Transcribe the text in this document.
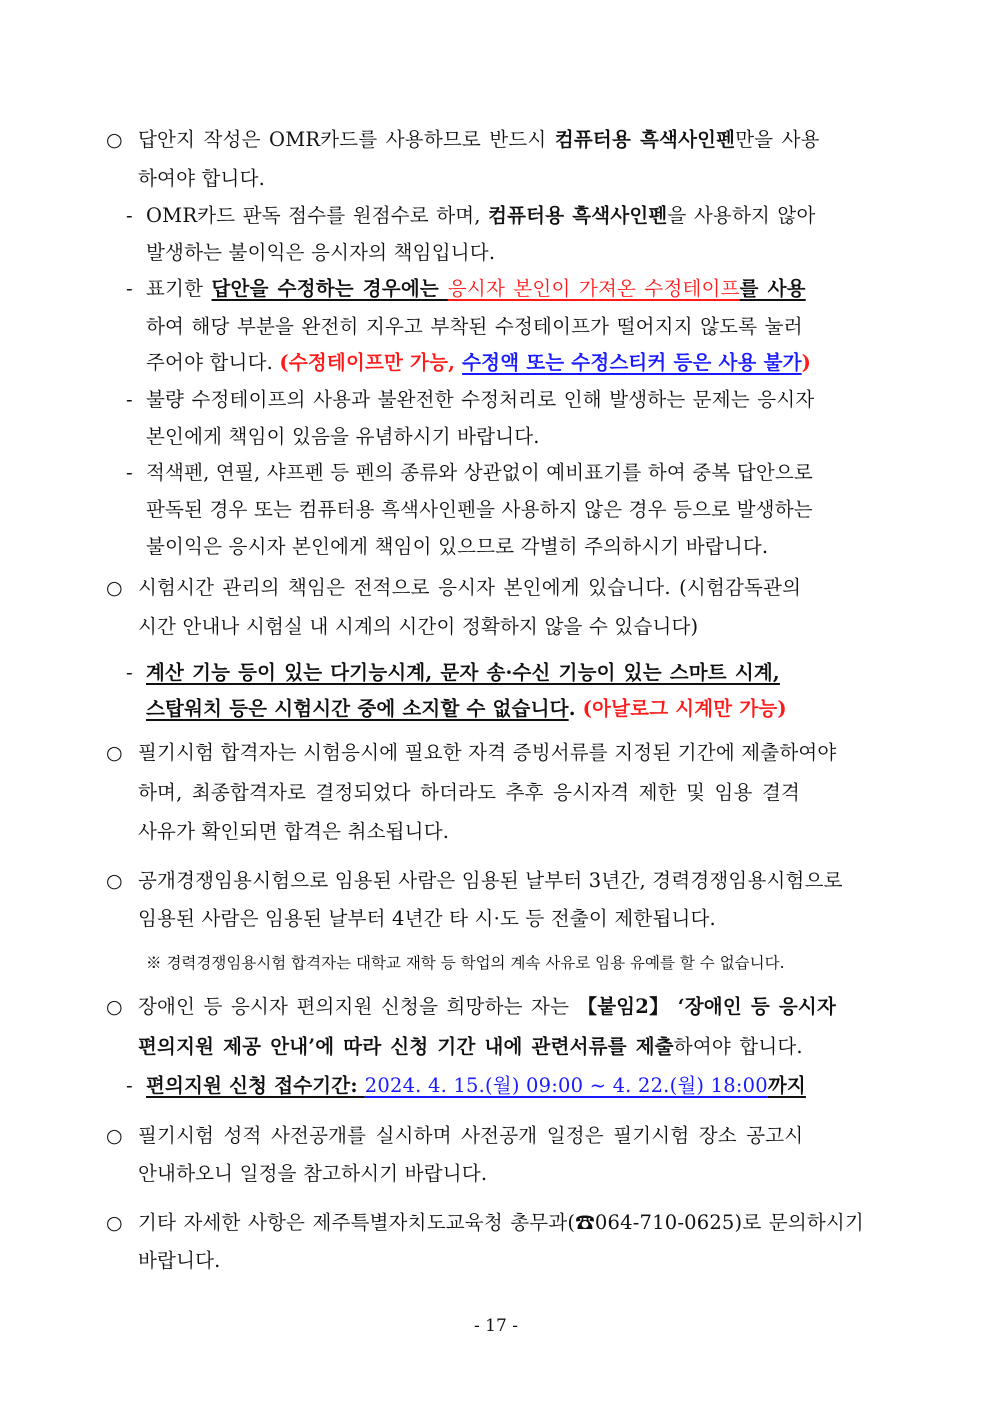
○ 답안지 작성은 OMR카드를 사용하므로 반드시 컴퓨터용 흑색사인펜만을 사용
하여야 합니다.
- OMR카드 판독 점수를 원점수로 하며, 컴퓨터용 흑색사인펜을 사용하지 않아
발생하는 불이익은 응시자의 책임입니다.
- 표기한 답안을 수정하는 경우에는 응시자 본인이 가져온 수정테이프를 사용
하여 해당 부분을 완전히 지우고 부착된 수정테이프가 떨어지지 않도록 눌러
주어야 합니다. (수정테이프만 가능, 수정액 또는 수정스티커 등은 사용 불가)
- 불량 수정테이프의 사용과 불완전한 수정처리로 인해 발생하는 문제는 응시자
본인에게 책임이 있음을 유념하시기 바랍니다.
- 적색펜, 연필, 샤프펜 등 펜의 종류와 상관없이 예비표기를 하여 중복 답안으로
판독된 경우 또는 컴퓨터용 흑색사인펜을 사용하지 않은 경우 등으로 발생하는
불이익은 응시자 본인에게 책임이 있으므로 각별히 주의하시기 바랍니다.
○ 시험시간 관리의 책임은 전적으로 응시자 본인에게 있습니다. (시험감독관의
시간 안내나 시험실 내 시계의 시간이 정확하지 않을 수 있습니다)
- 계산 기능 등이 있는 다기능시계, 문자 송·수신 기능이 있는 스마트 시계,
스탑워치 등은 시험시간 중에 소지할 수 없습니다. (아날로그 시계만 가능)
○ 필기시험 합격자는 시험응시에 필요한 자격 증빙서류를 지정된 기간에 제출하여야
하며, 최종합격자로 결정되었다 하더라도 추후 응시자격 제한 및 임용 결격
사유가 확인되면 합격은 취소됩니다.
○ 공개경쟁임용시험으로 임용된 사람은 임용된 날부터 3년간, 경력경쟁임용시험으로
임용된 사람은 임용된 날부터 4년간 타 시·도 등 전출이 제한됩니다.
※ 경력경쟁임용시험 합격자는 대학교 재학 등 학업의 계속 사유로 임용 유예를 할 수 없습니다.
○ 장애인 등 응시자 편의지원 신청을 희망하는 자는 【붙임2】 ‘장애인 등 응시자
편의지원 제공 안내’에 따라 신청 기간 내에 관련서류를 제출하여야 합니다.
- 편의지원 신청 접수기간: 2024. 4. 15.(월) 09:00 ~ 4. 22.(월) 18:00까지
○ 필기시험 성적 사전공개를 실시하며 사전공개 일정은 필기시험 장소 공고시
안내하오니 일정을 참고하시기 바랍니다.
○ 기타 자세한 사항은 제주특별자치도교육청 총무과(☎064-710-0625)로 문의하시기
바랍니다.
- 17 -
